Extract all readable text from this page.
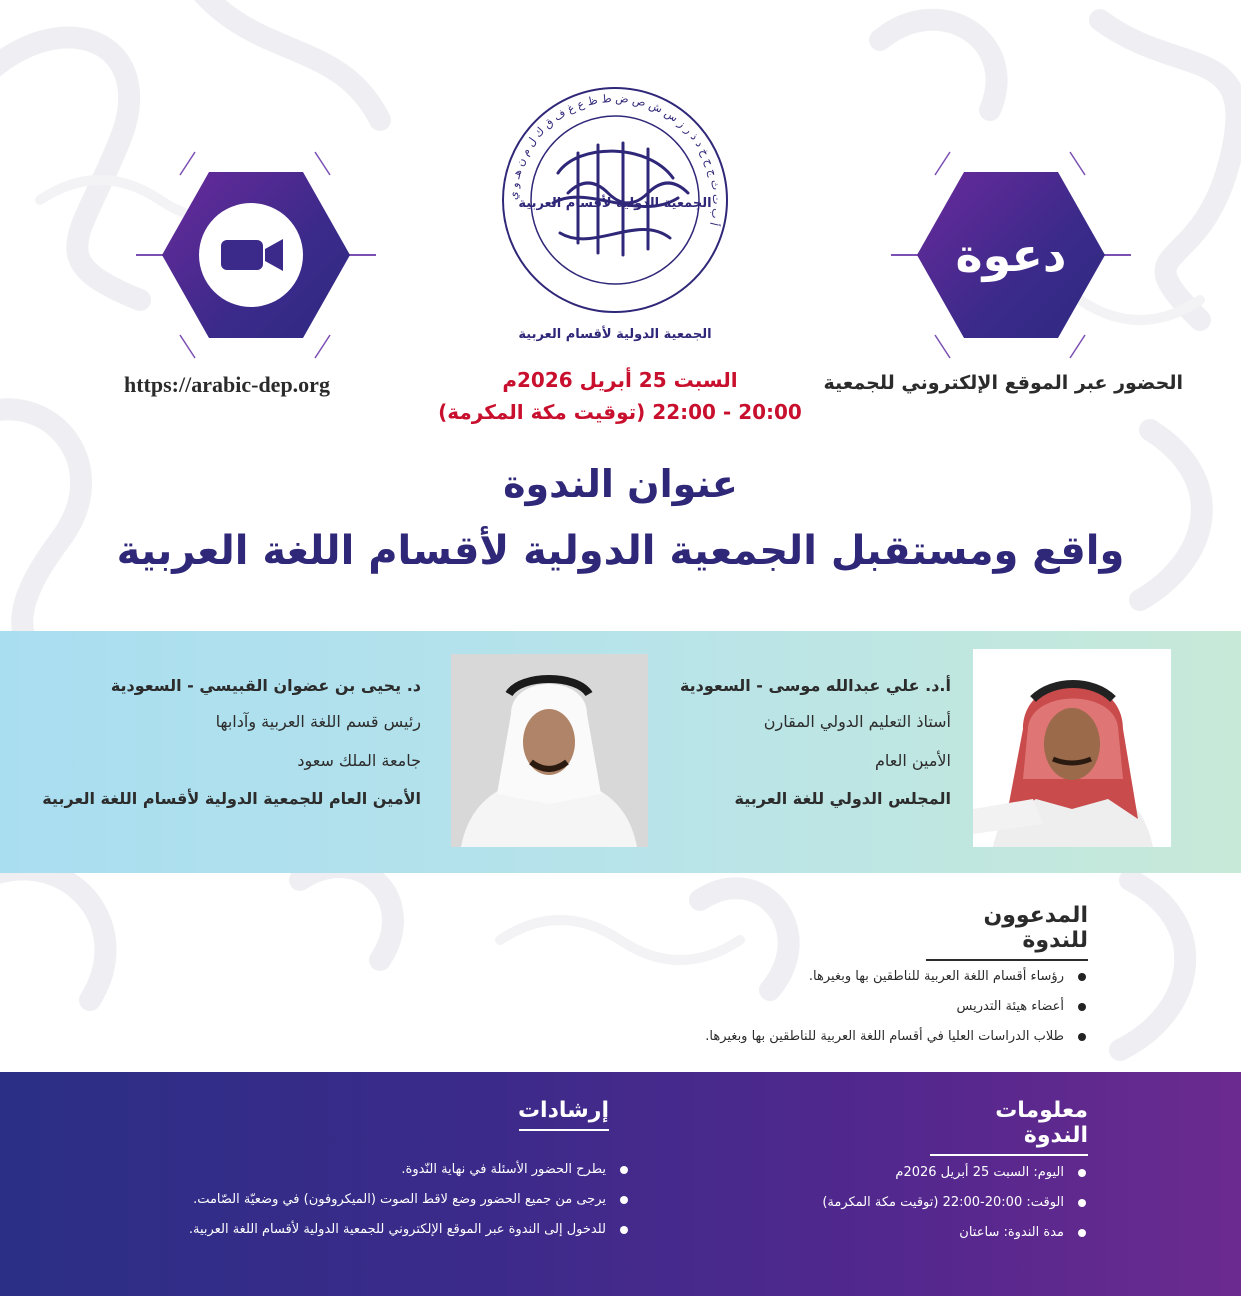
دعوة
أ ب ت ث ج ح خ د ذ ر ز س ش ص ض ط ظ ع غ ف ق ك ل م ن هـ و ي
الجمعية الدولية لأقسام العربية
الجمعية الدولية لأقسام العربية
الحضور عبر الموقع الإلكتروني للجمعية
https://arabic-dep.org	السبت 25 أبريل 2026م
20:00 - 22:00 (توقيت مكة المكرمة)
عنوان الندوة
واقع ومستقبل الجمعية الدولية لأقسام اللغة العربية
أ.د. علي عبدالله موسى - السعودية
أستاذ التعليم الدولي المقارن
الأمين العام
المجلس الدولي للغة العربية
د. يحيى بن عضوان القبيسي - السعودية
رئيس قسم اللغة العربية وآدابها
جامعة الملك سعود
الأمين العام للجمعية الدولية لأقسام اللغة العربية
المدعوون للندوة
رؤساء أقسام اللغة العربية للناطقين بها وبغيرها.
أعضاء هيئة التدريس
طلاب الدراسات العليا في أقسام اللغة العربية للناطقين بها وبغيرها.
معلومات الندوة
اليوم: السبت 25 أبريل 2026م
الوقت: 20:00-22:00 (توقيت مكة المكرمة)
مدة الندوة: ساعتان
إرشادات
يطرح الحضور الأسئلة في نهاية النّدوة.
يرجى من جميع الحضور وضع لاقط الصوت (الميكروفون) في وضعيّة الصّامت.
للدخول إلى الندوة عبر الموقع الإلكتروني للجمعية الدولية لأقسام اللغة العربية.
